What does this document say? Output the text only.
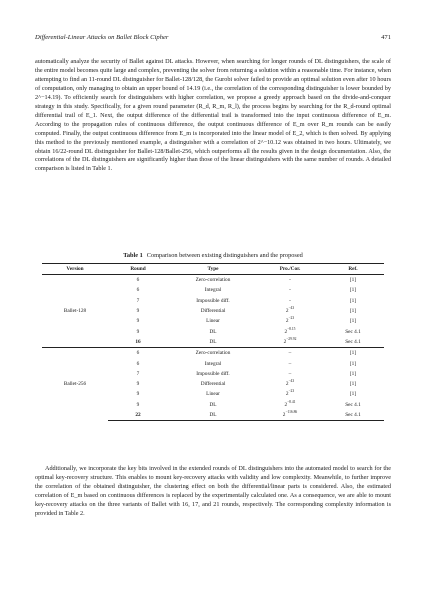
Differential-Linear Attacks on Ballet Block Cipher	471

automatically analyze the security of Ballet against DL attacks. However, when searching for longer rounds of DL distinguishers, the scale of the entire model becomes quite large and complex, preventing the solver from returning a solution within a reasonable time. For instance, when attempting to find an 11-round DL distinguisher for Ballet-128/128, the Gurobi solver failed to provide an optimal solution even after 10 hours of computation, only managing to obtain an upper bound of 14.19 (i.e., the correlation of the corresponding distinguisher is lower bounded by 2^−14.19). To efficiently search for distinguishers with higher correlation, we propose a greedy approach based on the divide-and-conquer strategy in this study. Specifically, for a given round parameter (R_d, R_m, R_l), the process begins by searching for the R_d-round optimal differential trail of E_1. Next, the output difference of the differential trail is transformed into the input continuous difference of E_m. According to the propagation rules of continuous difference, the output continuous difference of E_m over R_m rounds can be easily computed. Finally, the output continuous difference from E_m is incorporated into the linear model of E_2, which is then solved. By applying this method to the previously mentioned example, a distinguisher with a correlation of 2^−10.12 was obtained in two hours. Ultimately, we obtain 16/22-round DL distinguisher for Ballet-128/Ballet-256, which outperforms all the results given in the design documentation. Also, the correlations of the DL distinguishers are significantly higher than those of the linear distinguishers with the same number of rounds. A detailed comparison is listed in Table 1.

Table 1 Comparison between existing distinguishers and the proposed
Version	Round	Type	Pro./Cor.	Ref.
Ballet-128	6	Zero-correlation	-	[1]
	6	Integral	-	[1]
	7	Impossible diff.	-	[1]
	9	Differential	$2^{-43}$	[1]
	9	Linear	$2^{-23}$	[1]
	9	DL	$2^{-8.15}$	Sec 4.1
	16	DL	$2^{-29.92}$	Sec 4.1
Ballet-256	6	Zero-correlation	–	[1]
	6	Integral	–	[1]
	7	Impossible diff.	–	[1]
	9	Differential	$2^{-43}$	[1]
	9	Linear	$2^{-23}$	[1]
	9	DL	$2^{-8.41}$	Sec 4.1
	22	DL	$2^{-116.86}$	Sec 4.1

Additionally, we incorporate the key bits involved in the extended rounds of DL distinguishers into the automated model to search for the optimal key-recovery structure. This enables to mount key-recovery attacks with validity and low complexity. Meanwhile, to further improve the correlation of the obtained distinguisher, the clustering effect on both the differential/linear parts is considered. Also, the estimated correlation of E_m based on continuous differences is replaced by the experimentally calculated one. As a consequence, we are able to mount key-recovery attacks on the three variants of Ballet with 16, 17, and 21 rounds, respectively. The corresponding complexity information is provided in Table 2.
